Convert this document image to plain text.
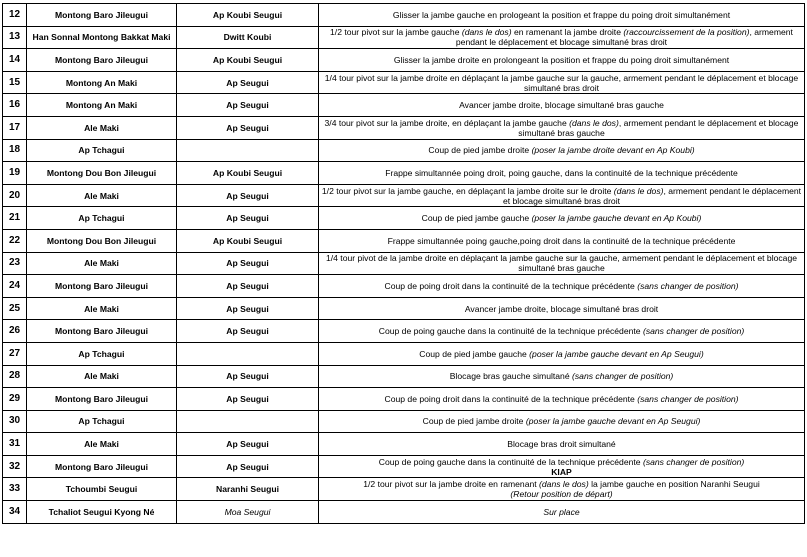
12	Montong Baro Jileugui	Ap Koubi Seugui	Glisser la jambe gauche en prologeant la position et frappe du poing droit simultanément
13	Han Sonnal Montong Bakkat Maki	Dwitt Koubi	1/2 tour pivot sur la jambe gauche (dans le dos) en ramenant la jambe droite (raccourcissement de la position), armement pendant le déplacement et blocage simultané bras droit
14	Montong Baro Jileugui	Ap Koubi Seugui	Glisser la jambe droite en prolongeant la position et frappe du poing droit simultanément
15	Montong An Maki	Ap Seugui	1/4 tour pivot sur la jambe droite en déplaçant la jambe gauche sur la gauche, armement pendant le déplacement et blocage simultané bras droit
16	Montong An Maki	Ap Seugui	Avancer jambe droite, blocage simultané bras gauche
17	Ale Maki	Ap Seugui	3/4 tour pivot sur la jambe droite, en déplaçant la jambe gauche (dans le dos), armement pendant le déplacement et blocage simultané bras gauche
18	Ap Tchagui		Coup de pied jambe droite (poser la jambe droite devant en Ap Koubi)
19	Montong Dou Bon Jileugui	Ap Koubi Seugui	Frappe simultannée poing droit, poing gauche, dans la continuité de la technique précédente
20	Ale Maki	Ap Seugui	1/2 tour pivot sur la jambe gauche, en déplaçant la jambe droite sur le droite (dans le dos), armement pendant le déplacement et blocage simultané bras droit
21	Ap Tchagui	Ap Seugui	Coup de pied jambe gauche (poser la jambe gauche devant en Ap Koubi)
22	Montong Dou Bon Jileugui	Ap Koubi Seugui	Frappe simultannée poing gauche,poing droit dans la continuité de la technique précédente
23	Ale Maki	Ap Seugui	1/4 tour pivot de la jambe droite en déplaçant la jambe gauche sur la gauche, armement pendant le déplacement et blocage simultané bras gauche
24	Montong Baro Jileugui	Ap Seugui	Coup de poing droit dans la continuité de la technique précédente (sans changer de position)
25	Ale Maki	Ap Seugui	Avancer jambe droite, blocage simultané bras droit
26	Montong Baro Jileugui	Ap Seugui	Coup de poing gauche dans la continuité de la technique précédente (sans changer de position)
27	Ap Tchagui		Coup de pied jambe gauche (poser la jambe gauche devant en Ap Seugui)
28	Ale Maki	Ap Seugui	Blocage bras gauche simultané (sans changer de position)
29	Montong Baro Jileugui	Ap Seugui	Coup de poing droit dans la continuité de la technique précédente (sans changer de position)
30	Ap Tchagui		Coup de pied jambe droite (poser la jambe gauche devant en Ap Seugui)
31	Ale Maki	Ap Seugui	Blocage bras droit simultané
32	Montong Baro Jileugui	Ap Seugui	Coup de poing gauche dans la continuité de la technique précédente (sans changer de position)
KIAP
33	Tchoumbi Seugui	Naranhi Seugui	1/2 tour pivot sur la jambe droite en ramenant (dans le dos) la jambe gauche en position Naranhi Seugui
(Retour position de départ)
34	Tchaliot Seugui Kyong Né	Moa Seugui	Sur place
